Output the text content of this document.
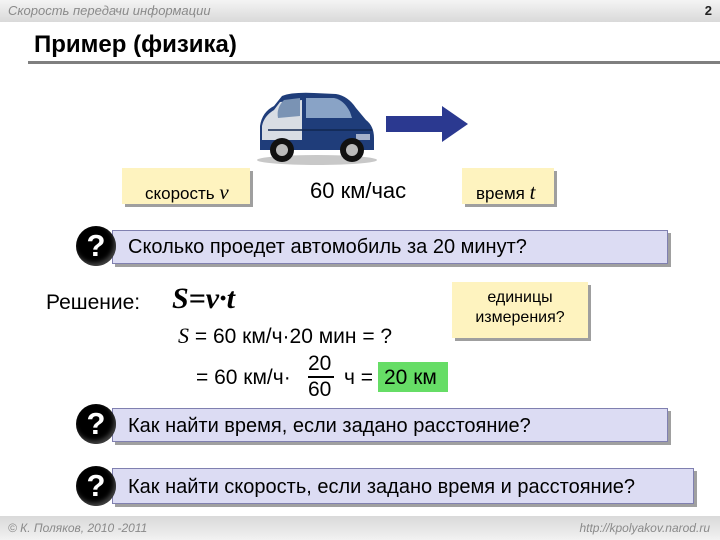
Скорость передачи информации	2
Пример (физика)
скорость v	60 км/час	время t
?	Сколько проедет автомобиль за 20 минут?
Решение: S=v·t
S = 60 км/ч·20 мин = ?
= 60 км/ч·
20
60
ч = 20 км
единицы
измерения?
?	Как найти время, если задано расстояние?
?	Как найти скорость, если задано время и расстояние?
© К. Поляков, 2010 -2011	http://kpolyakov.narod.ru
